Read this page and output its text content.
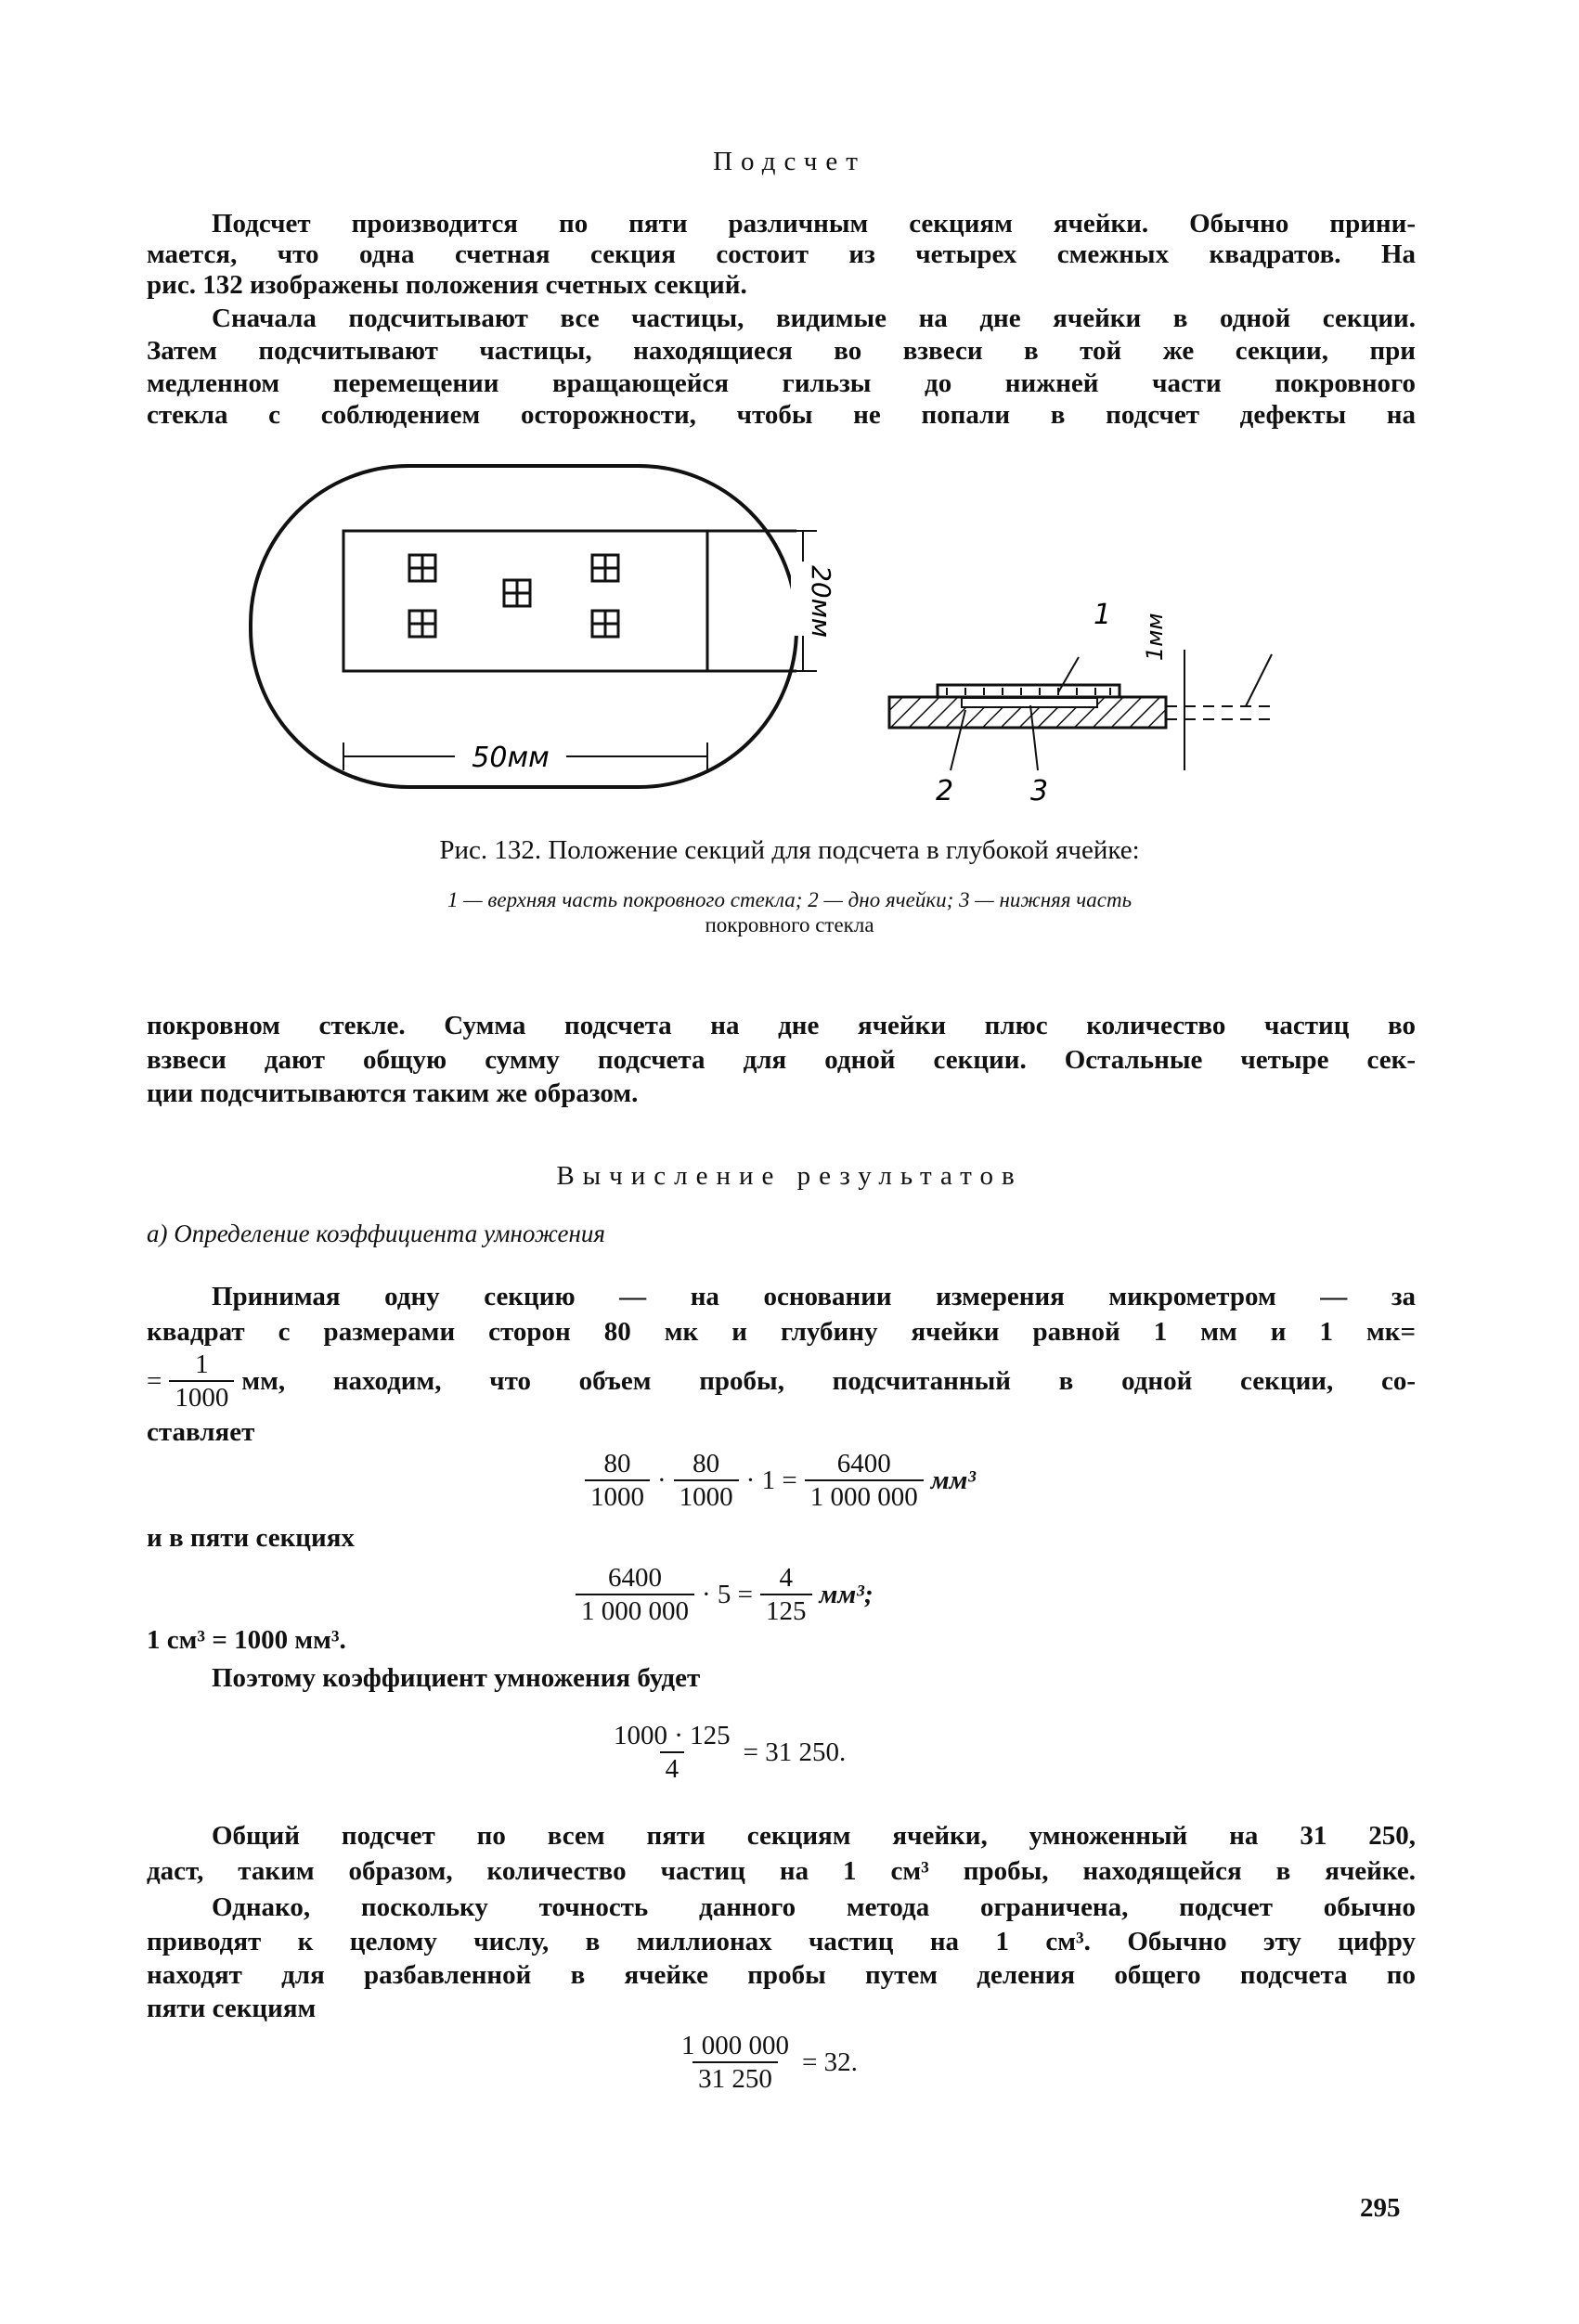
Подсчет
Подсчет производится по пяти различным секциям ячейки. Обычно прини-
мается, что одна счетная секция состоит из четырех смежных квадратов. На
рис. 132 изображены положения счетных секций.
Сначала подсчитывают все частицы, видимые на дне ячейки в одной секции.
Затем подсчитывают частицы, находящиеся во взвеси в той же секции, при
медленном перемещении вращающейся гильзы до нижней части покровного
стекла с соблюдением осторожности, чтобы не попали в подсчет дефекты на
50мм
20мм	1
2	3
1мм
Рис. 132. Положение секций для подсчета в глубокой ячейке:
1 — верхняя часть покровного стекла; 2 — дно ячейки; 3 — нижняя часть
покровного стекла
покровном стекле. Сумма подсчета на дне ячейки плюс количество частиц во
взвеси дают общую сумму подсчета для одной секции. Остальные четыре сек-
ции подсчитываются таким же образом.
Вычисление результатов
а) Определение коэффициента умножения
Принимая одну секцию — на основании измерения микрометром — за
квадрат с размерами сторон 80 мк и глубину ячейки равной 1 мм и 1 мк=
= $\frac{1}{1000}$ мм, находим, что объем пробы, подсчитанный в одной секции, со-
ставляет
$\frac{80}{1000} \cdot \frac{80}{1000} \cdot 1 = \frac{6400}{1 000 000} мм^3$
и в пяти секциях
$\frac{6400}{1 000 000} \cdot 5 = \frac{4}{125} мм^3$;
1 см³ = 1000 мм³.
Поэтому коэффициент умножения будет
$\frac{1000 \cdot 125}{4} = 31$ 250.
Общий подсчет по всем пяти секциям ячейки, умноженный на 31 250,
даст, таким образом, количество частиц на 1 см³ пробы, находящейся в ячейке.
Однако, поскольку точность данного метода ограничена, подсчет обычно
приводят к целому числу, в миллионах частиц на 1 см³. Обычно эту цифру
находят для разбавленной в ячейке пробы путем деления общего подсчета по
пяти секциям
$\frac{1 000 000}{31 250} = 32$.
295
